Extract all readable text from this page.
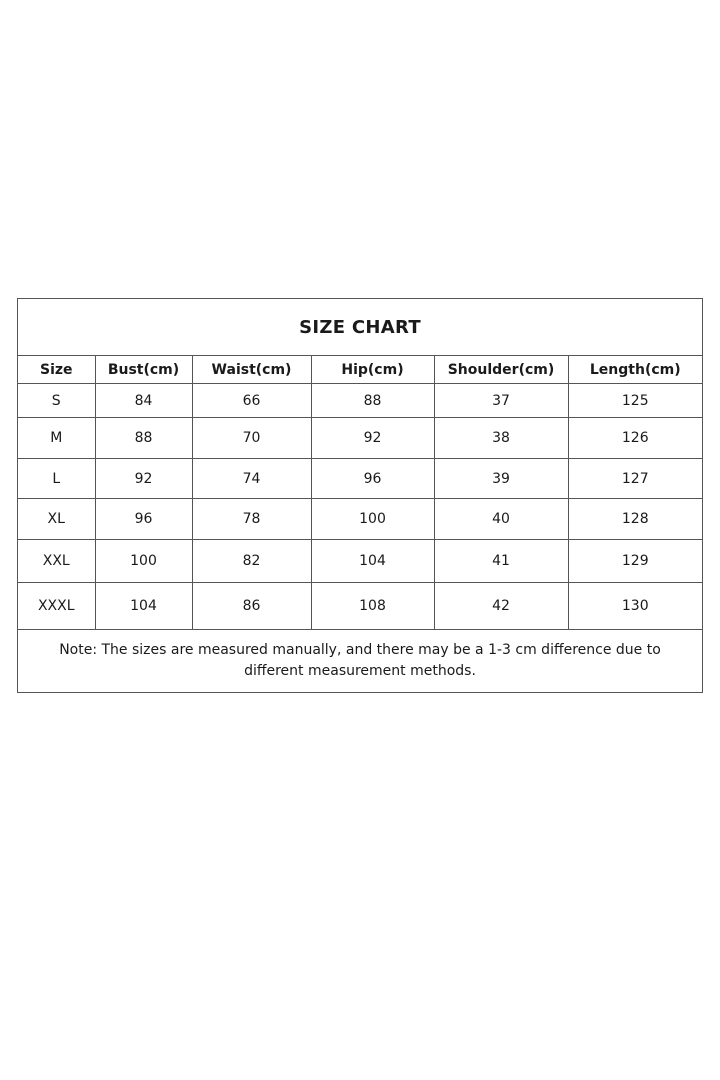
SIZE CHART
Size	Bust(cm)	Waist(cm)	Hip(cm)	Shoulder(cm)	Length(cm)
S	84	66	88	37	125
M	88	70	92	38	126
L	92	74	96	39	127
XL	96	78	100	40	128
XXL	100	82	104	41	129
XXXL	104	86	108	42	130
Note: The sizes are measured manually, and there may be a 1-3 cm difference due to different measurement methods.
